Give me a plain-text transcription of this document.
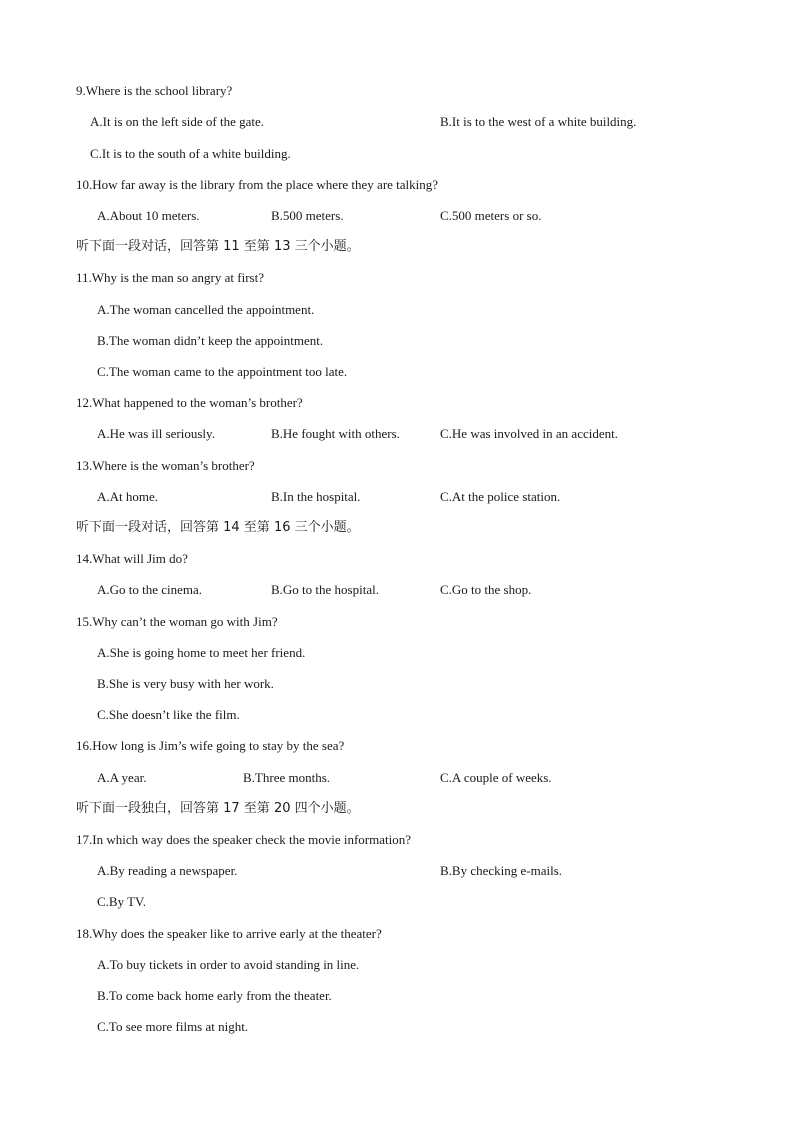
9.Where is the school library?
A.It is on the left side of the gate.	B.It is to the west of a white building.
C.It is to the south of a white building.
10.How far away is the library from the place where they are talking?
A.About 10 meters.	B.500 meters.	C.500 meters or so.
听下面一段对话，回答第 11 至第 13 三个小题。
11.Why is the man so angry at first?
A.The woman cancelled the appointment.
B.The woman didn’t keep the appointment.
C.The woman came to the appointment too late.
12.What happened to the woman’s brother?
A.He was ill seriously.	B.He fought with others.	C.He was involved in an accident.
13.Where is the woman’s brother?
A.At home.	B.In the hospital.	C.At the police station.
听下面一段对话，回答第 14 至第 16 三个小题。
14.What will Jim do?
A.Go to the cinema.	B.Go to the hospital.	C.Go to the shop.
15.Why can’t the woman go with Jim?
A.She is going home to meet her friend.
B.She is very busy with her work.
C.She doesn’t like the film.
16.How long is Jim’s wife going to stay by the sea?
A.A year.	B.Three months.	C.A couple of weeks.
听下面一段独白，回答第 17 至第 20 四个小题。
17.In which way does the speaker check the movie information?
A.By reading a newspaper.	B.By checking e-mails.
C.By TV.
18.Why does the speaker like to arrive early at the theater?
A.To buy tickets in order to avoid standing in line.
B.To come back home early from the theater.
C.To see more films at night.
